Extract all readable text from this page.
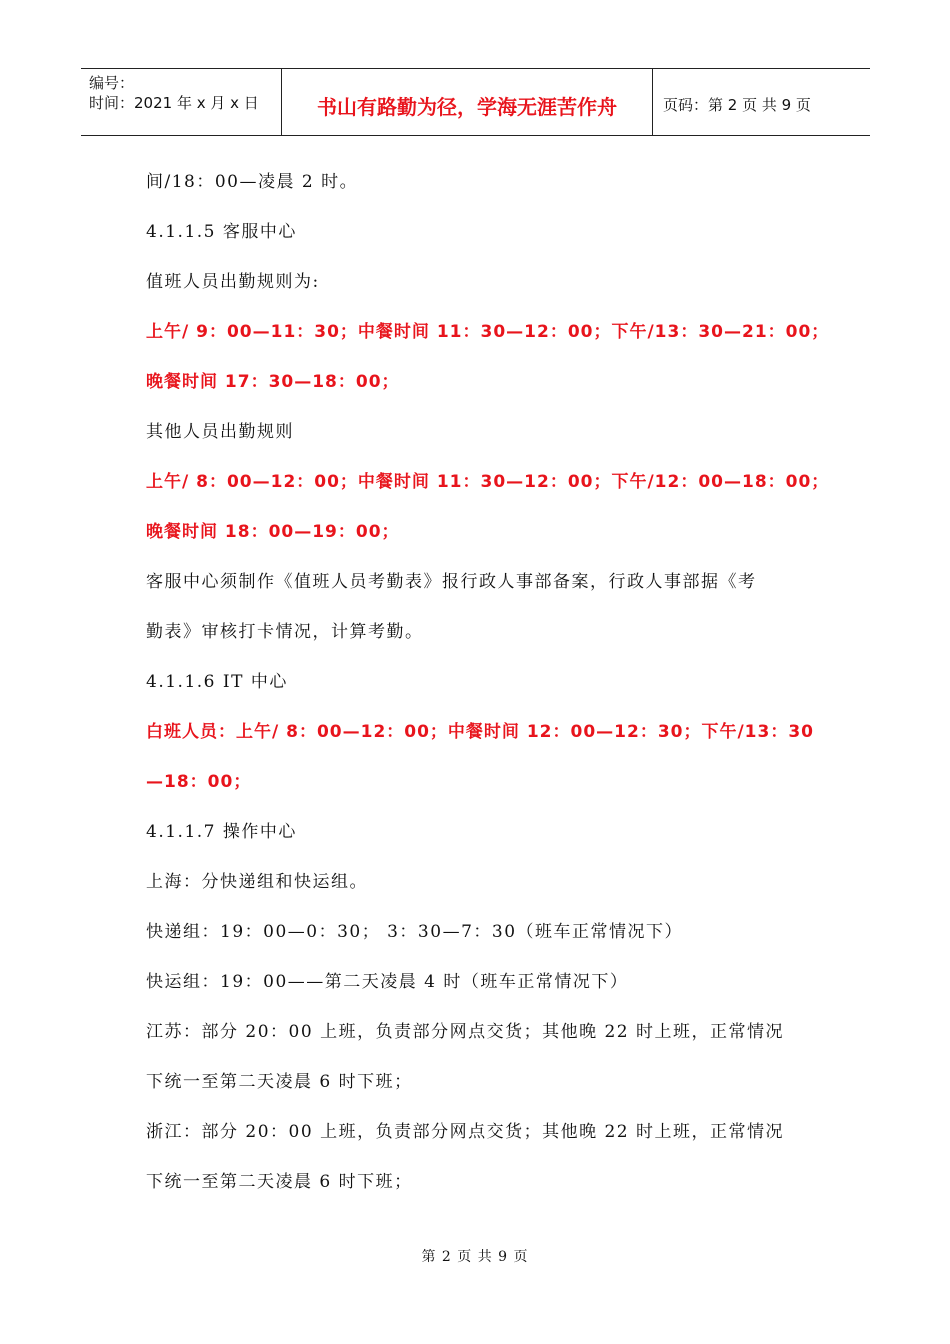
编号：
时间：2021 年 x 月 x 日	书山有路勤为径，学海无涯苦作舟	页码：第 2 页 共 9 页
间/18：00—凌晨 2 时。
4.1.1.5 客服中心
值班人员出勤规则为:
上午/ 9：00—11：30；中餐时间 11：30—12：00；下午/13：30—21：00；
晚餐时间 17：30—18：00；
其他人员出勤规则
上午/ 8：00—12：00；中餐时间 11：30—12：00；下午/12：00—18：00；
晚餐时间 18：00—19：00；
客服中心须制作《值班人员考勤表》报行政人事部备案，行政人事部据《考
勤表》审核打卡情况，计算考勤。
4.1.1.6 IT 中心
白班人员：上午/ 8：00—12：00；中餐时间 12：00—12：30；下午/13：30
—18：00；
4.1.1.7 操作中心
上海：分快递组和快运组。
快递组：19：00—0：30； 3：30—7：30（班车正常情况下）
快运组：19：00——第二天凌晨 4 时（班车正常情况下）
江苏：部分 20：00 上班，负责部分网点交货；其他晚 22 时上班，正常情况
下统一至第二天凌晨 6 时下班；
浙江：部分 20：00 上班，负责部分网点交货；其他晚 22 时上班，正常情况
下统一至第二天凌晨 6 时下班；
第 2 页 共 9 页
